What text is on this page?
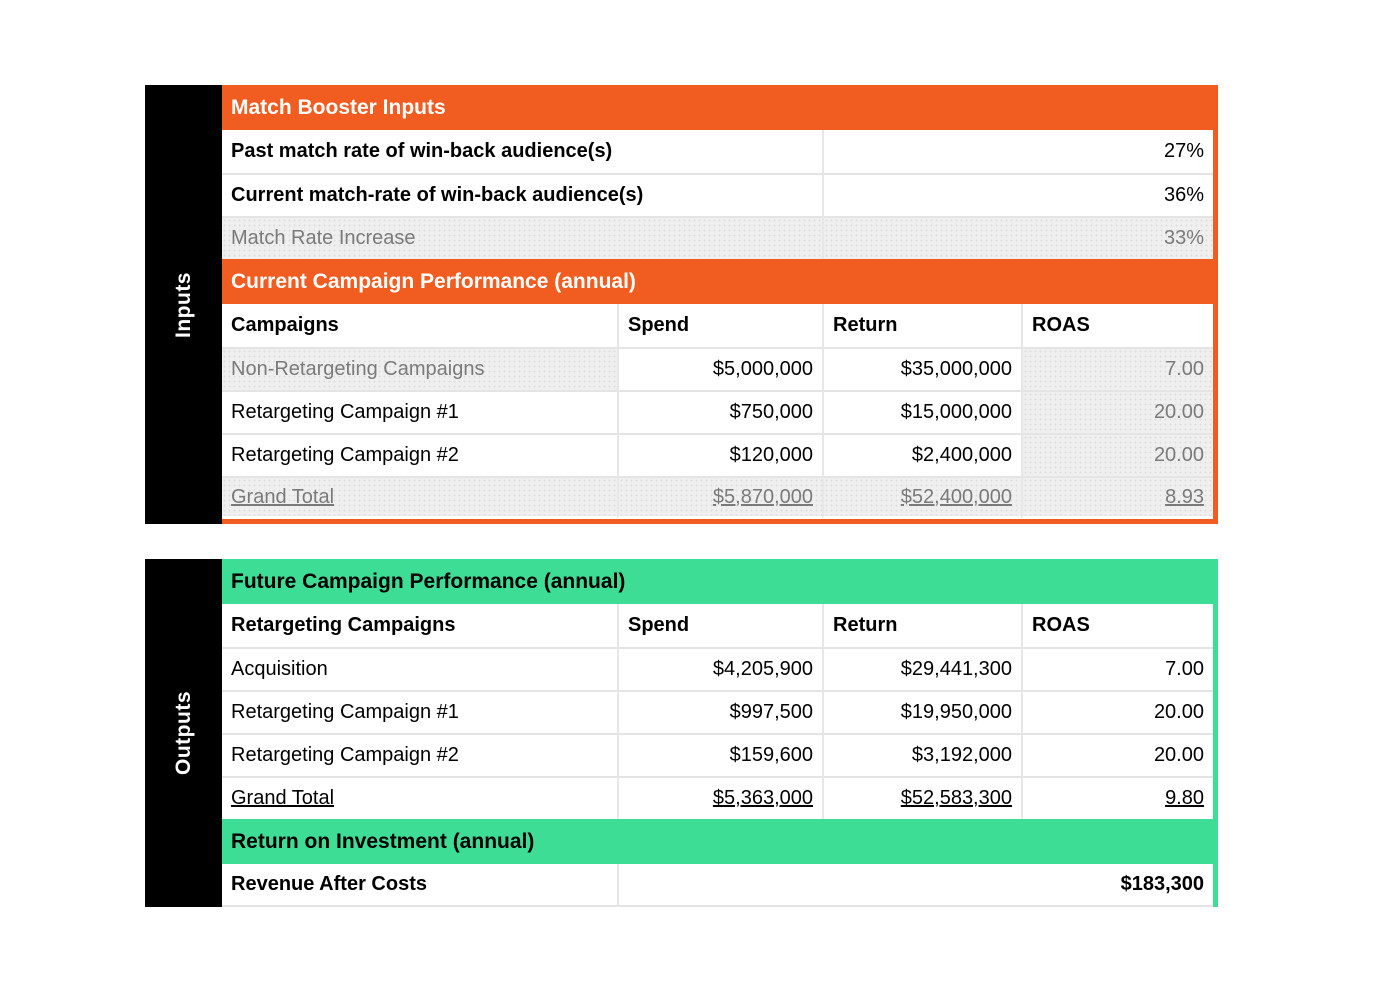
Inputs
Match Booster Inputs
Past match rate of win-back audience(s)	27%
Current match-rate of win-back audience(s)	36%
Match Rate Increase	33%
Current Campaign Performance (annual)
Campaigns	Spend	Return	ROAS
Non-Retargeting Campaigns	$5,000,000	$35,000,000	7.00
Retargeting Campaign #1	$750,000	$15,000,000	20.00
Retargeting Campaign #2	$120,000	$2,400,000	20.00
Grand Total	$5,870,000	$52,400,000	8.93
Outputs
Future Campaign Performance (annual)
Retargeting Campaigns	Spend	Return	ROAS
Acquisition	$4,205,900	$29,441,300	7.00
Retargeting Campaign #1	$997,500	$19,950,000	20.00
Retargeting Campaign #2	$159,600	$3,192,000	20.00
Grand Total	$5,363,000	$52,583,300	9.80
Return on Investment (annual)
Revenue After Costs	$183,300
